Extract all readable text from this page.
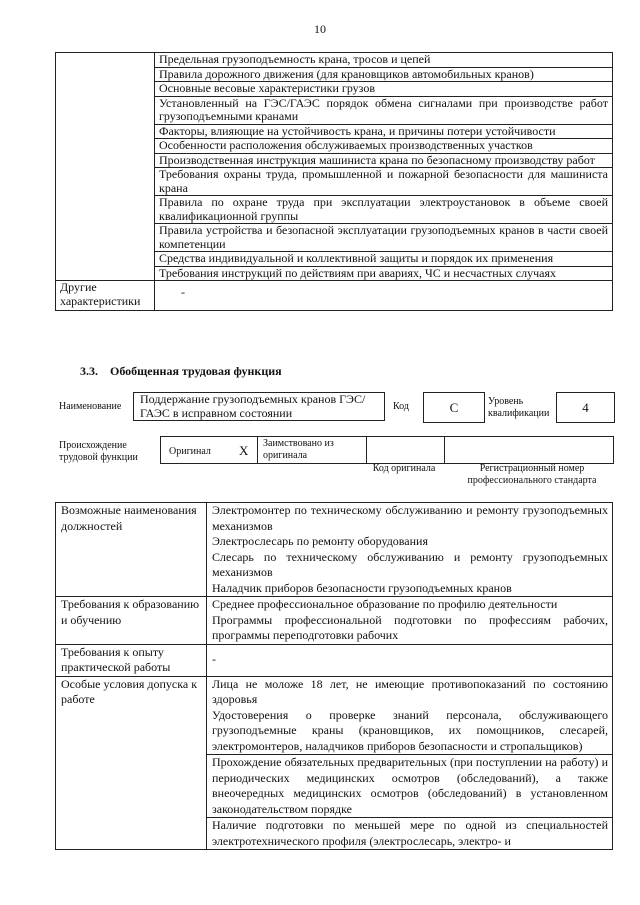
10
	Предельная грузоподъемность крана, тросов и цепей
	Правила дорожного движения (для крановщиков автомобильных кранов)
	Основные весовые характеристики грузов
	Установленный на ГЭС/ГАЭС порядок обмена сигналами при производстве работ грузоподъемными кранами
	Факторы, влияющие на устойчивость крана, и причины потери устойчивости
	Особенности расположения обслуживаемых производственных участков
	Производственная инструкция машиниста крана по безопасному производству работ
	Требования охраны труда, промышленной и пожарной безопасности для машиниста крана
	Правила по охране труда при эксплуатации электроустановок в объеме своей квалификационной группы
	Правила устройства и безопасной эксплуатации грузоподъемных кранов в части своей компетенции
	Средства индивидуальной и коллективной защиты и порядок их применения
	Требования инструкций по действиям при авариях, ЧС и несчастных случаях
Другие характеристики	-
3.3. Обобщенная трудовая функция
Наименование
Поддержание грузоподъемных кранов ГЭС/ГАЭС в исправном состоянии	Код	C	Уровень квалификации	4
Происхождение трудовой функции
Оригинал X Заимствовано из оригинала
Код оригинала	Регистрационный номер профессионального стандарта
Возможные наименования должностей	Электромонтер по техническому обслуживанию и ремонту грузоподъемных механизмов
Электрослесарь по ремонту оборудования
Слесарь по техническому обслуживанию и ремонту грузоподъемных механизмов
Наладчик приборов безопасности грузоподъемных кранов

Требования к образованию и обучению	Среднее профессиональное образование по профилю деятельности
Программы профессиональной подготовки по профессиям рабочих, программы переподготовки рабочих

Требования к опыту практической работы	-

Особые условия допуска к работе	Лица не моложе 18 лет, не имеющие противопоказаний по состоянию здоровья
Удостоверения о проверке знаний персонала, обслуживающего грузоподъемные краны (крановщиков, их помощников, слесарей, электромонтеров, наладчиков приборов безопасности и стропальщиков)

	Прохождение обязательных предварительных (при поступлении на работу) и периодических медицинских осмотров (обследований), а также внеочередных медицинских осмотров (обследований) в установленном законодательством порядке

	Наличие подготовки по меньшей мере по одной из специальностей электротехнического профиля (электрослесарь, электро- и
